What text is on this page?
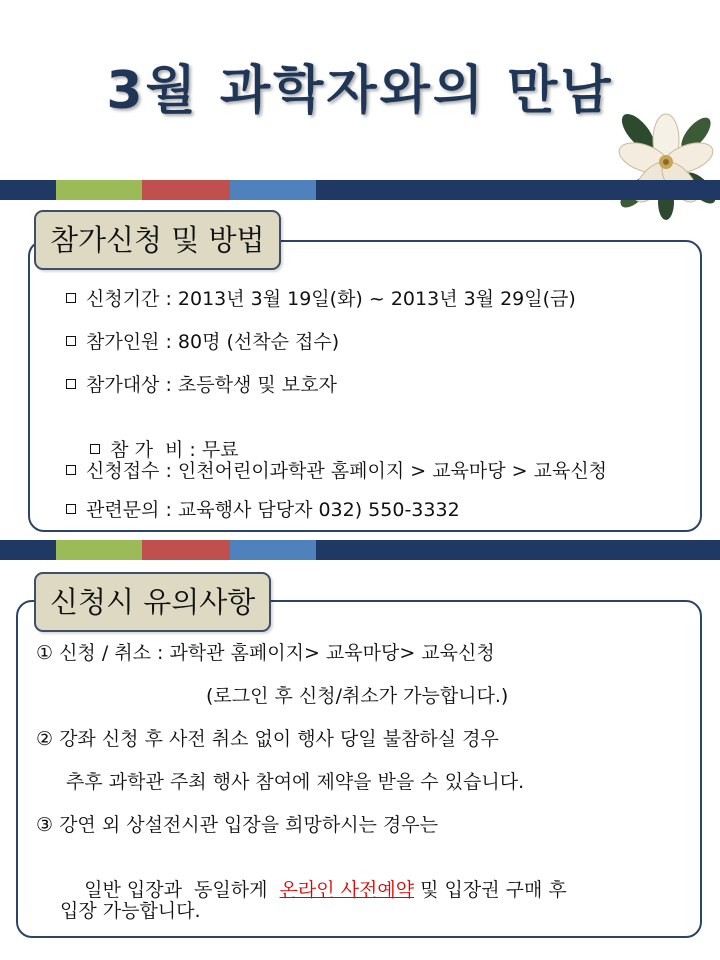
3월 과학자와의 만남
참가신청 및 방법
신청기간 : 2013년 3월 19일(화) ~ 2013년 3월 29일(금)
참가인원 : 80명 (선착순 접수)
참가대상 : 초등학생 및 보호자

참 가  비 : 무료

신청접수 : 인천어린이과학관 홈페이지 > 교육마당 > 교육신청
관련문의 : 교육행사 담당자 032) 550-3332
신청시 유의사항
① 신청 / 취소 : 과학관 홈페이지> 교육마당> 교육신청
(로그인 후 신청/취소가 가능합니다.)
② 강좌 신청 후 사전 취소 없이 행사 당일 불참하실 경우
추후 과학관 주최 행사 참여에 제약을 받을 수 있습니다.
③ 강연 외 상설전시관 입장을 희망하시는 경우는

일반 입장과  동일하게  온라인 사전예약 및 입장권 구매 후

입장 가능합니다.
